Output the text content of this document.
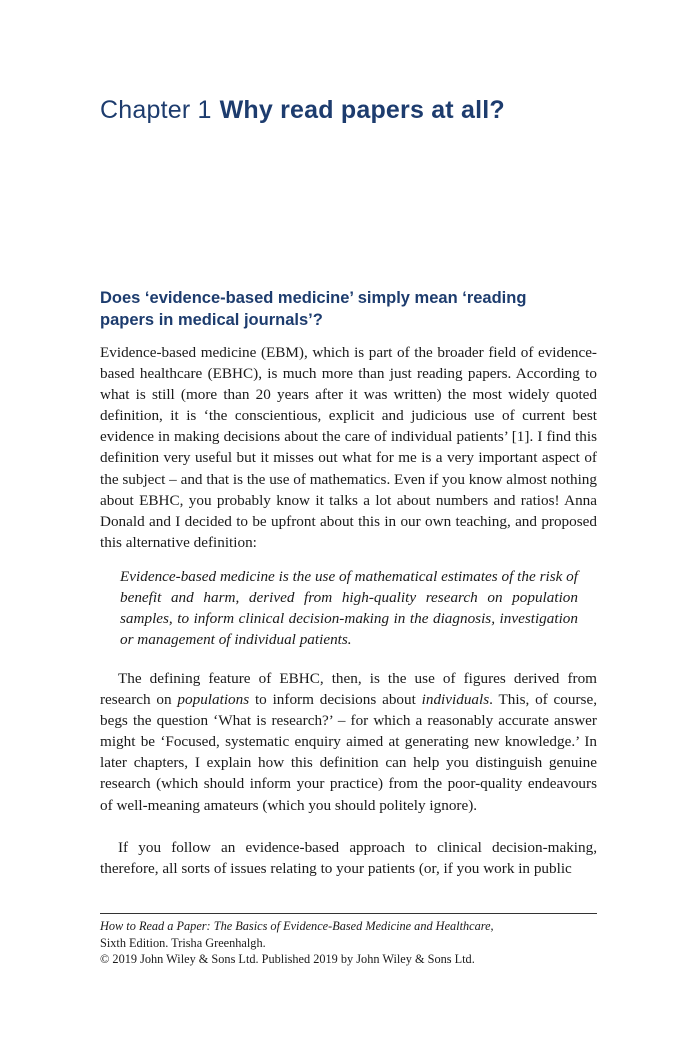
Chapter 1 Why read papers at all?
Does ‘evidence-based medicine’ simply mean ‘reading papers in medical journals’?

Evidence-based medicine (EBM), which is part of the broader field of evidence-based healthcare (EBHC), is much more than just reading papers. According to what is still (more than 20 years after it was written) the most widely quoted definition, it is ‘the conscientious, explicit and judicious use of current best evidence in making decisions about the care of individual patients’ [1]. I find this definition very useful but it misses out what for me is a very important aspect of the subject – and that is the use of mathematics. Even if you know almost nothing about EBHC, you probably know it talks a lot about numbers and ratios! Anna Donald and I decided to be upfront about this in our own teaching, and proposed this alternative definition:

Evidence-based medicine is the use of mathematical estimates of the risk of benefit and harm, derived from high-quality research on population samples, to inform clinical decision-making in the diagnosis, investigation or management of individual patients.

The defining feature of EBHC, then, is the use of figures derived from research on populations to inform decisions about individuals. This, of course, begs the question ‘What is research?’ – for which a reasonably accurate answer might be ‘Focused, systematic enquiry aimed at generating new knowledge.’ In later chapters, I explain how this definition can help you distinguish genuine research (which should inform your practice) from the poor-quality endeavours of well-meaning amateurs (which you should politely ignore).

If you follow an evidence-based approach to clinical decision-making, therefore, all sorts of issues relating to your patients (or, if you work in public

How to Read a Paper: The Basics of Evidence-Based Medicine and Healthcare,
Sixth Edition. Trisha Greenhalgh.
© 2019 John Wiley & Sons Ltd. Published 2019 by John Wiley & Sons Ltd.
